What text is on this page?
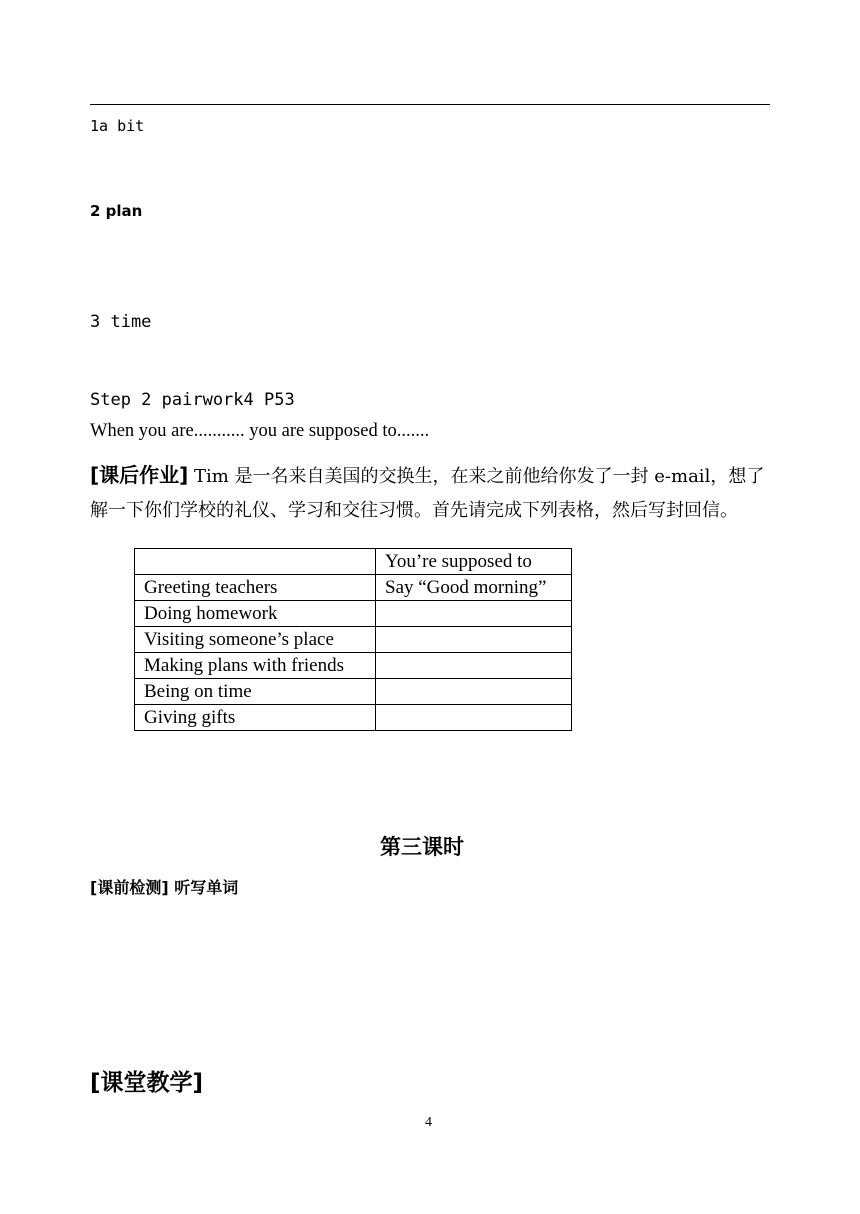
1a bit
2 plan
3 time
Step 2 pairwork4 P53
When you are........... you are supposed to.......
[课后作业] Tim 是一名来自美国的交换生，在来之前他给你发了一封 e-mail，想了解一下你们学校的礼仪、学习和交往习惯。首先请完成下列表格，然后写封回信。
	You’re supposed to
Greeting teachers	Say “Good morning”
Doing homework	
Visiting someone’s place	
Making plans with friends	
Being on time	
Giving gifts	
第三课时
[课前检测] 听写单词
[课堂教学]
4
